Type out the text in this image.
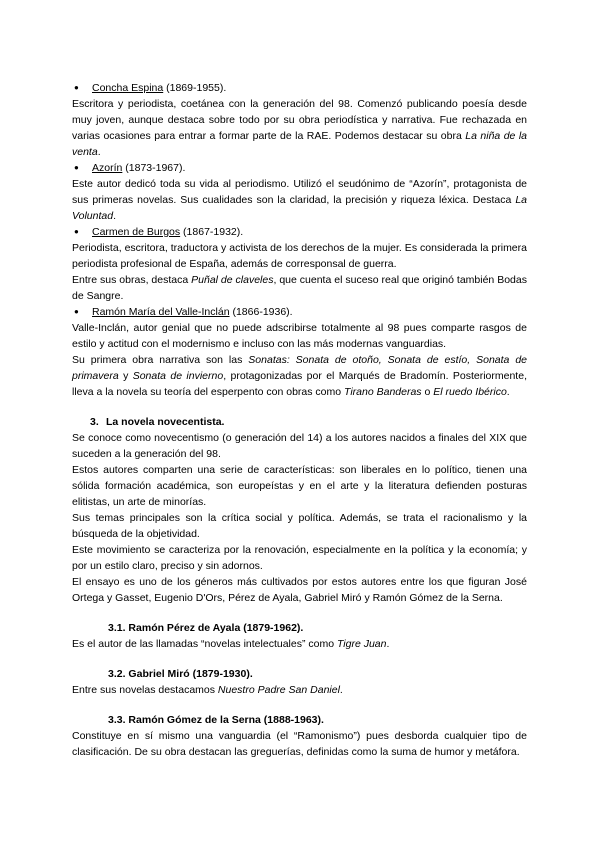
● Concha Espina (1869-1955).

Escritora y periodista, coetánea con la generación del 98. Comenzó publicando poesía desde muy joven, aunque destaca sobre todo por su obra periodística y narrativa. Fue rechazada en varias ocasiones para entrar a formar parte de la RAE. Podemos destacar su obra La niña de la venta.

● Azorín (1873-1967).

Este autor dedicó toda su vida al periodismo. Utilizó el seudónimo de “Azorín”, protagonista de sus primeras novelas. Sus cualidades son la claridad, la precisión y riqueza léxica. Destaca La Voluntad.

● Carmen de Burgos (1867-1932).

Periodista, escritora, traductora y activista de los derechos de la mujer. Es considerada la primera periodista profesional de España, además de corresponsal de guerra.

Entre sus obras, destaca Puñal de claveles, que cuenta el suceso real que originó también Bodas de Sangre.

● Ramón María del Valle-Inclán (1866-1936).

Valle-Inclán, autor genial que no puede adscribirse totalmente al 98 pues comparte rasgos de estilo y actitud con el modernismo e incluso con las más modernas vanguardias.

Su primera obra narrativa son las Sonatas: Sonata de otoño, Sonata de estío, Sonata de primavera y Sonata de invierno, protagonizadas por el Marqués de Bradomín. Posteriormente, lleva a la novela su teoría del esperpento con obras como Tirano Banderas o El ruedo Ibérico.

3. La novela novecentista.

Se conoce como novecentismo (o generación del 14) a los autores nacidos a finales del XIX que suceden a la generación del 98.

Estos autores comparten una serie de características: son liberales en lo político, tienen una sólida formación académica, son europeístas y en el arte y la literatura defienden posturas elitistas, un arte de minorías.

Sus temas principales son la crítica social y política. Además, se trata el racionalismo y la búsqueda de la objetividad.

Este movimiento se caracteriza por la renovación, especialmente en la política y la economía; y por un estilo claro, preciso y sin adornos.

El ensayo es uno de los géneros más cultivados por estos autores entre los que figuran José Ortega y Gasset, Eugenio D'Ors, Pérez de Ayala, Gabriel Miró y Ramón Gómez de la Serna.

3.1. Ramón Pérez de Ayala (1879-1962).

Es el autor de las llamadas “novelas intelectuales” como Tigre Juan.

3.2. Gabriel Miró (1879-1930).

Entre sus novelas destacamos Nuestro Padre San Daniel.

3.3. Ramón Gómez de la Serna (1888-1963).

Constituye en sí mismo una vanguardia (el “Ramonismo”) pues desborda cualquier tipo de clasificación. De su obra destacan las greguerías, definidas como la suma de humor y metáfora.
